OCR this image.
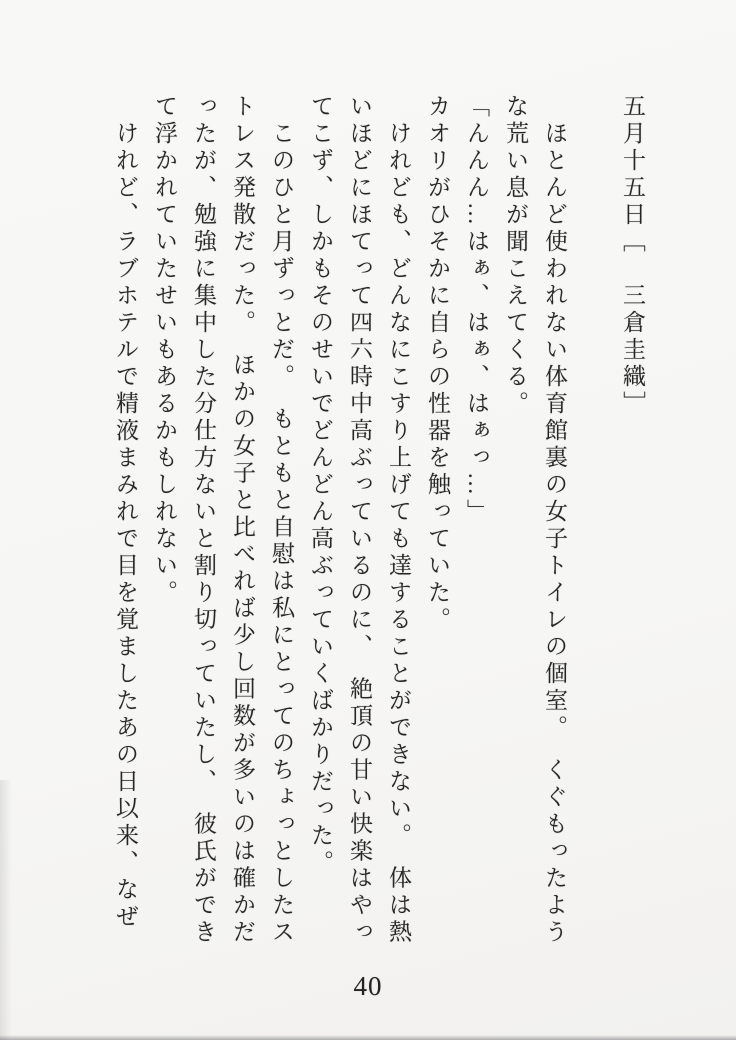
五月十五日［　三倉圭織］
　ほとんど使われない体育館裏の女子トイレの個室。　くぐもったよう
な荒い息が聞こえてくる。
「んんん…はぁ、はぁ、はぁっ…」
カオリがひそかに自らの性器を触っていた。
　けれども、どんなにこすり上げても達することができない。　体は熱
いほどにほてって四六時中高ぶっているのに、　絶頂の甘い快楽はやっ
てこず、しかもそのせいでどんどん高ぶっていくばかりだった。
　このひと月ずっとだ。　もともと自慰は私にとってのちょっとしたス
トレス発散だった。　ほかの女子と比べれば少し回数が多いのは確かだ
ったが、勉強に集中した分仕方ないと割り切っていたし、　彼氏ができ
て浮かれていたせいもあるかもしれない。
　けれど、ラブホテルで精液まみれで目を覚ましたあの日以来、なぜ
40
